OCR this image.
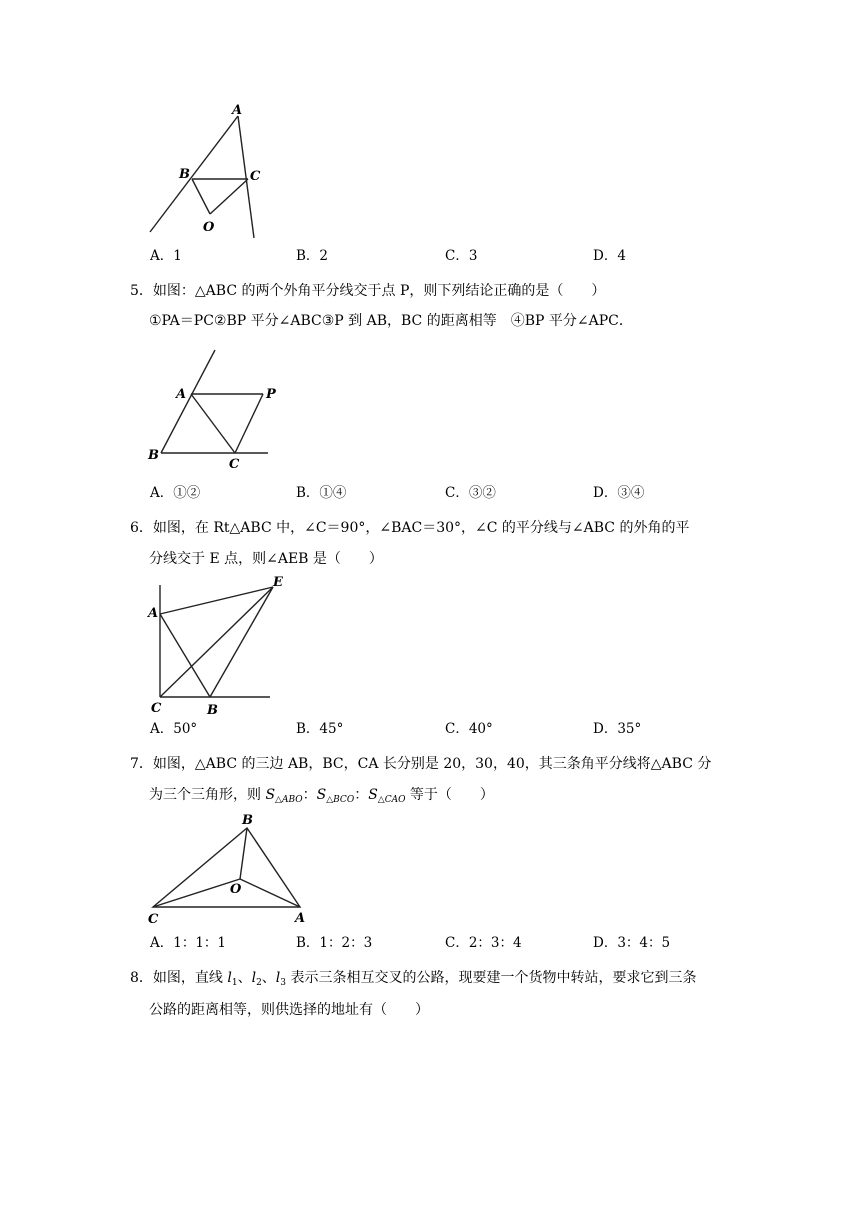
A
B	C
O
A．1	B．2	C．3	D．4
5．如图：△ABC 的两个外角平分线交于点 P，则下列结论正确的是（　　）
①PA＝PC②BP 平分∠ABC③P 到 AB，BC 的距离相等　④BP 平分∠APC．
A	P
B
C
A．①②	B．①④	C．③②	D．③④
6．如图，在 Rt△ABC 中，∠C＝90°，∠BAC＝30°，∠C 的平分线与∠ABC 的外角的平
分线交于 E 点，则∠AEB 是（　　）
A
E
C	B
A．50°	B．45°	C．40°	D．35°
7．如图，△ABC 的三边 AB，BC，CA 长分别是 20，30，40，其三条角平分线将△ABC 分
为三个三角形，则 $S_{\triangle ABO}$：$S_{\triangle BCO}$：$S_{\triangle CAO}$ 等于（　　）
B
O
C	A
A．1：1：1	B．1：2：3	C．2：3：4	D．3：4：5
8．如图，直线 $l_1$、$l_2$、$l_3$ 表示三条相互交叉的公路，现要建一个货物中转站，要求它到三条
公路的距离相等，则供选择的地址有（　　）
